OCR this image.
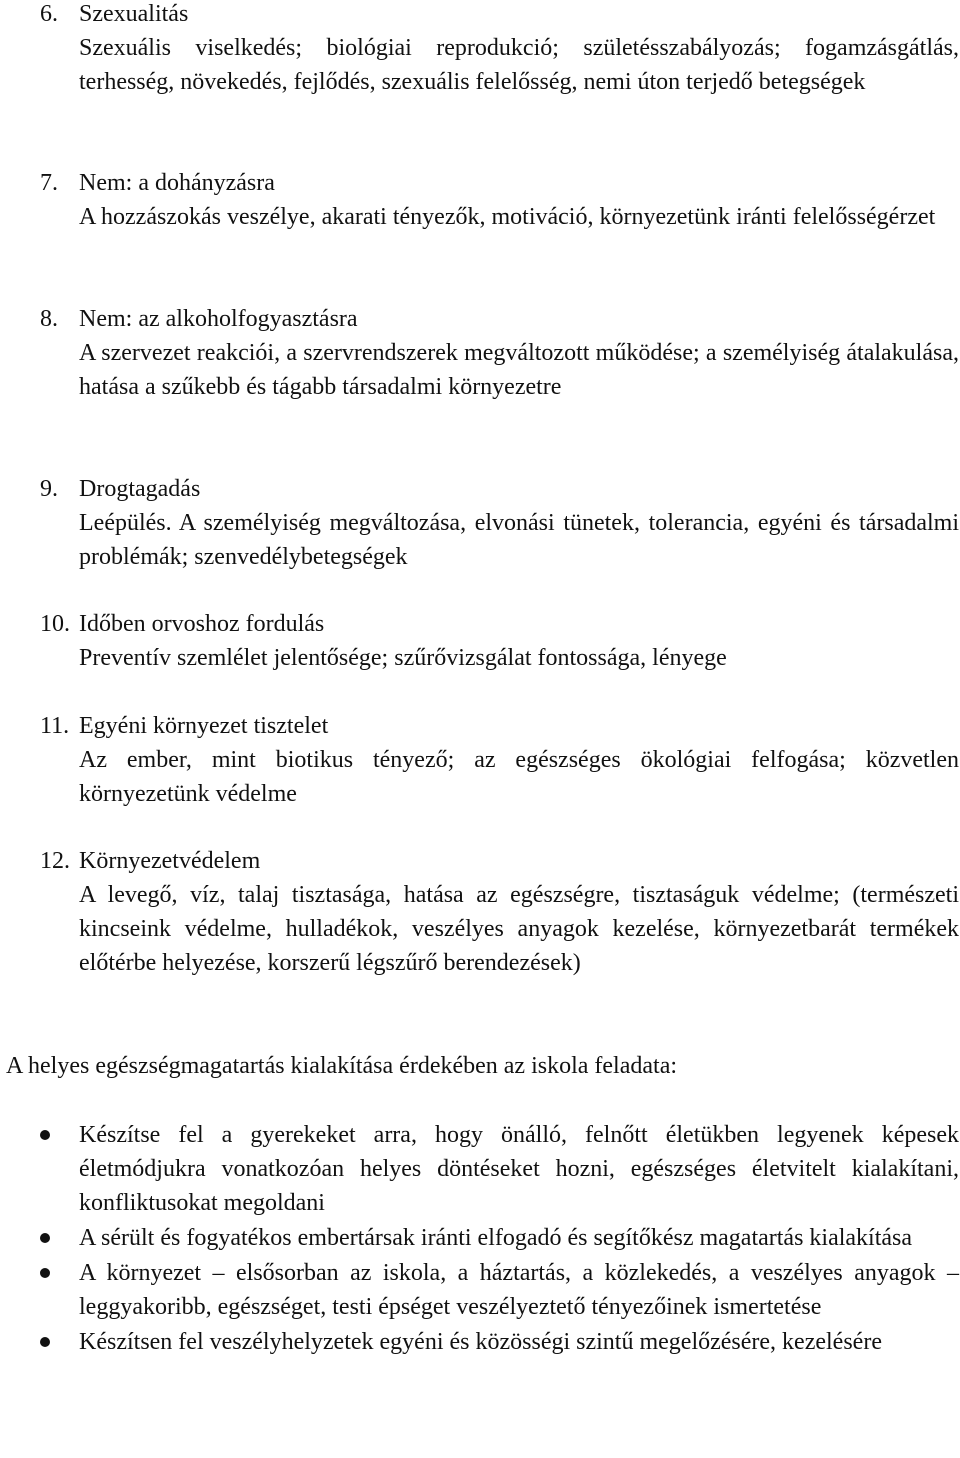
6. Szexualitás
Szexuális viselkedés; biológiai reprodukció; születésszabályozás; fogamzásgátlás, terhesség, növekedés, fejlődés, szexuális felelősség, nemi úton terjedő betegségek
7. Nem: a dohányzásra
A hozzászokás veszélye, akarati tényezők, motiváció, környezetünk iránti felelősségérzet
8. Nem: az alkoholfogyasztásra
A szervezet reakciói, a szervrendszerek megváltozott működése; a személyiség átalakulása, hatása a szűkebb és tágabb társadalmi környezetre
9. Drogtagadás
Leépülés. A személyiség megváltozása, elvonási tünetek, tolerancia, egyéni és társadalmi problémák; szenvedélybetegségek
10. Időben orvoshoz fordulás
Preventív szemlélet jelentősége; szűrővizsgálat fontossága, lényege
11. Egyéni környezet tisztelet
Az ember, mint biotikus tényező; az egészséges ökológiai felfogása; közvetlen környezetünk védelme
12. Környezetvédelem
A levegő, víz, talaj tisztasága, hatása az egészségre, tisztaságuk védelme; (természeti kincseink védelme, hulladékok, veszélyes anyagok kezelése, környezetbarát termékek előtérbe helyezése, korszerű légszűrő berendezések)
A helyes egészségmagatartás kialakítása érdekében az iskola feladata:
Készítse fel a gyerekeket arra, hogy önálló, felnőtt életükben legyenek képesek életmódjukra vonatkozóan helyes döntéseket hozni, egészséges életvitelt kialakítani, konfliktusokat megoldani
A sérült és fogyatékos embertársak iránti elfogadó és segítőkész magatartás kialakítása
A környezet – elsősorban az iskola, a háztartás, a közlekedés, a veszélyes anyagok – leggyakoribb, egészséget, testi épséget veszélyeztető tényezőinek ismertetése
Készítsen fel veszélyhelyzetek egyéni és közösségi szintű megelőzésére, kezelésére
